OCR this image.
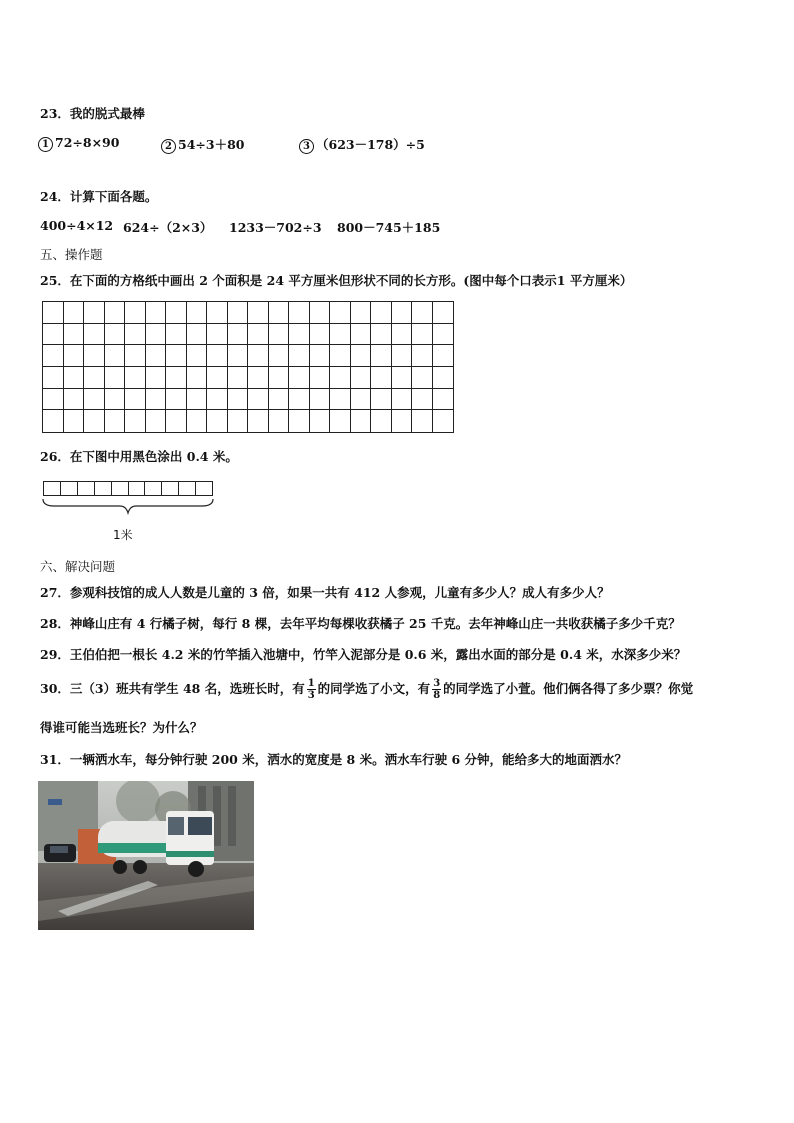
23．我的脱式最棒
1 72÷8×90	2 54÷3＋80	3 （623－178）÷5
24．计算下面各题。
400÷4×12 624÷（2×3） 1233－702÷3 800－745＋185
五、操作题
25．在下面的方格纸中画出 2 个面积是 24 平方厘米但形状不同的长方形。(图中每个口表示1 平方厘米）
26．在下图中用黑色涂出 0.4 米。
1米
六、解决问题
27．参观科技馆的成人人数是儿童的 3 倍，如果一共有 412 人参观，儿童有多少人？成人有多少人？
28．神峰山庄有 4 行橘子树，每行 8 棵，去年平均每棵收获橘子 25 千克。去年神峰山庄一共收获橘子多少千克？
29．王伯伯把一根长 4.2 米的竹竿插入池塘中，竹竿入泥部分是 0.6 米，露出水面的部分是 0.4 米，水深多少米？
30．三（3）班共有学生 48 名，选班长时，有 $\frac{1}{3}$ 的同学选了小文，有 $\frac{3}{8}$ 的同学选了小萱。他们俩各得了多少票？你觉
得谁可能当选班长？为什么？
31．一辆洒水车，每分钟行驶 200 米，洒水的宽度是 8 米。洒水车行驶 6 分钟，能给多大的地面洒水？
